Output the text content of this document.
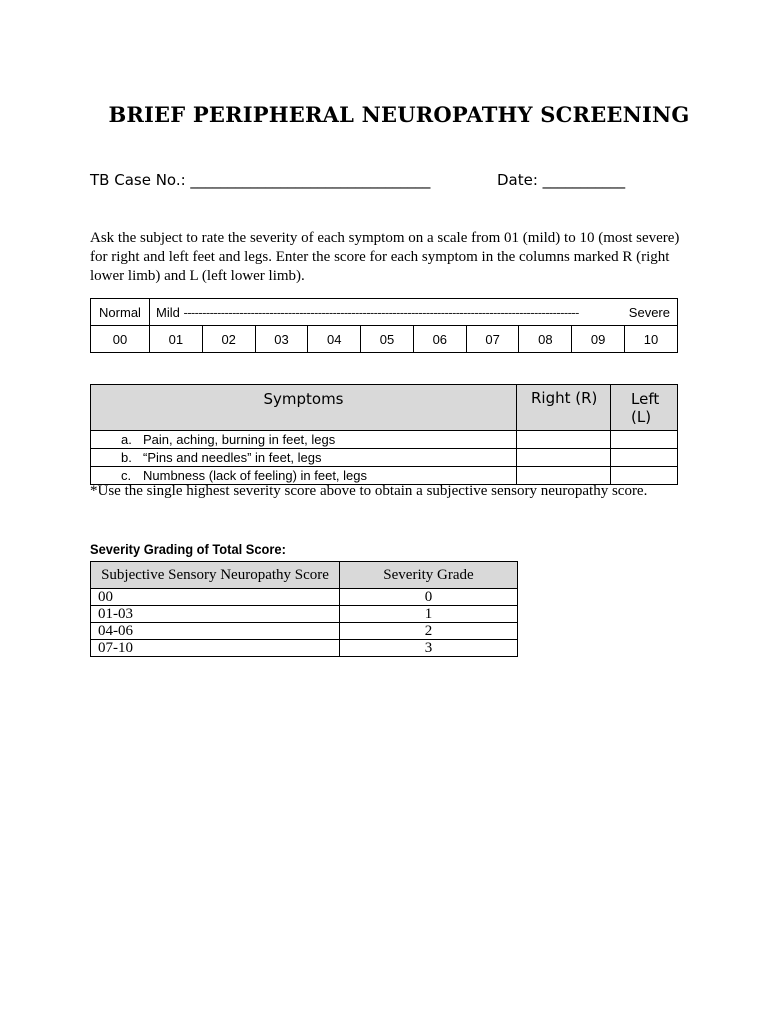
BRIEF PERIPHERAL NEUROPATHY SCREENING
TB Case No.: ________________________________	Date: ___________
Ask the subject to rate the severity of each symptom on a scale from 01 (mild) to 10 (most severe) for right and left feet and legs. Enter the score for each symptom in the columns marked R (right lower limb) and L (left lower limb).
Normal	Mild ---------------------------------------------------------------------------------------------------------- Severe									

00	01	02	03	04	05	06	07	08	09	10
Symptoms	Right (R)	Left (L)
a. Pain, aching, burning in feet, legs		
b. “Pins and needles” in feet, legs		
c. Numbness (lack of feeling) in feet, legs		
*Use the single highest severity score above to obtain a subjective sensory neuropathy score.
Severity Grading of Total Score:
Subjective Sensory Neuropathy Score	Severity Grade
00	0
01-03	1
04-06	2
07-10	3
